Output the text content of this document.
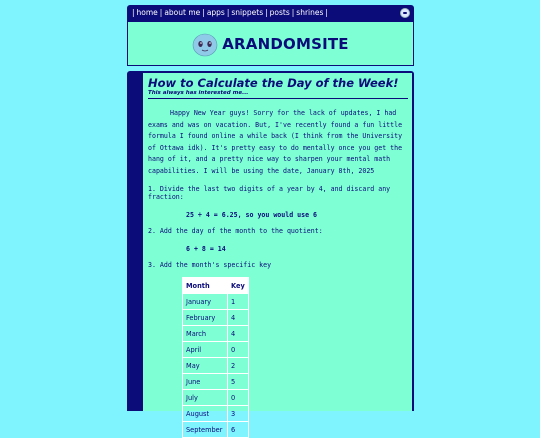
| home | about me | apps | snippets | posts | shrines |
ARANDOMSITE
How to Calculate the Day of the Week!
This always has interested me...

Happy New Year guys! Sorry for the lack of updates, I had exams and was on vacation. But, I've recently found a fun little formula I found online a while back (I think from the University of Ottawa idk). It's pretty easy to do mentally once you get the hang of it, and a pretty nice way to sharpen your mental math capabilities. I will be using the date, January 8th, 2025

1. Divide the last two digits of a year by 4, and discard any fraction:

25 ÷ 4 = 6.25, so you would use 6

2. Add the day of the month to the quotient:

6 + 8 = 14

3. Add the month's specific key

Month	Key
January	1
February	4
March	4
April	0
May	2
June	5
July	0
August	3
September	6
